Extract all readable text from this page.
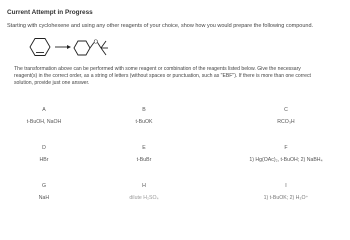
Current Attempt in Progress
Starting with cyclohexene and using any other reagents of your choice, show how you would prepare the following compound.
O
The transformation above can be performed with some reagent or combination of the reagents listed below. Give the necessary
reagent(s) in the correct order, as a string of letters (without spaces or punctuation, such as "EBF"). If there is more than one correct
solution, provide just one answer.
A
t-BuOH, NaOH
B
t-BuOK
C
RCO₃H
D
HBr
E
t-BuBr
F
1) Hg(OAc)₂, t-BuOH; 2) NaBH₄
G
NaH
H
dilute H₂SO₄
I
1) t-BuOK; 2) H₃O⁺
